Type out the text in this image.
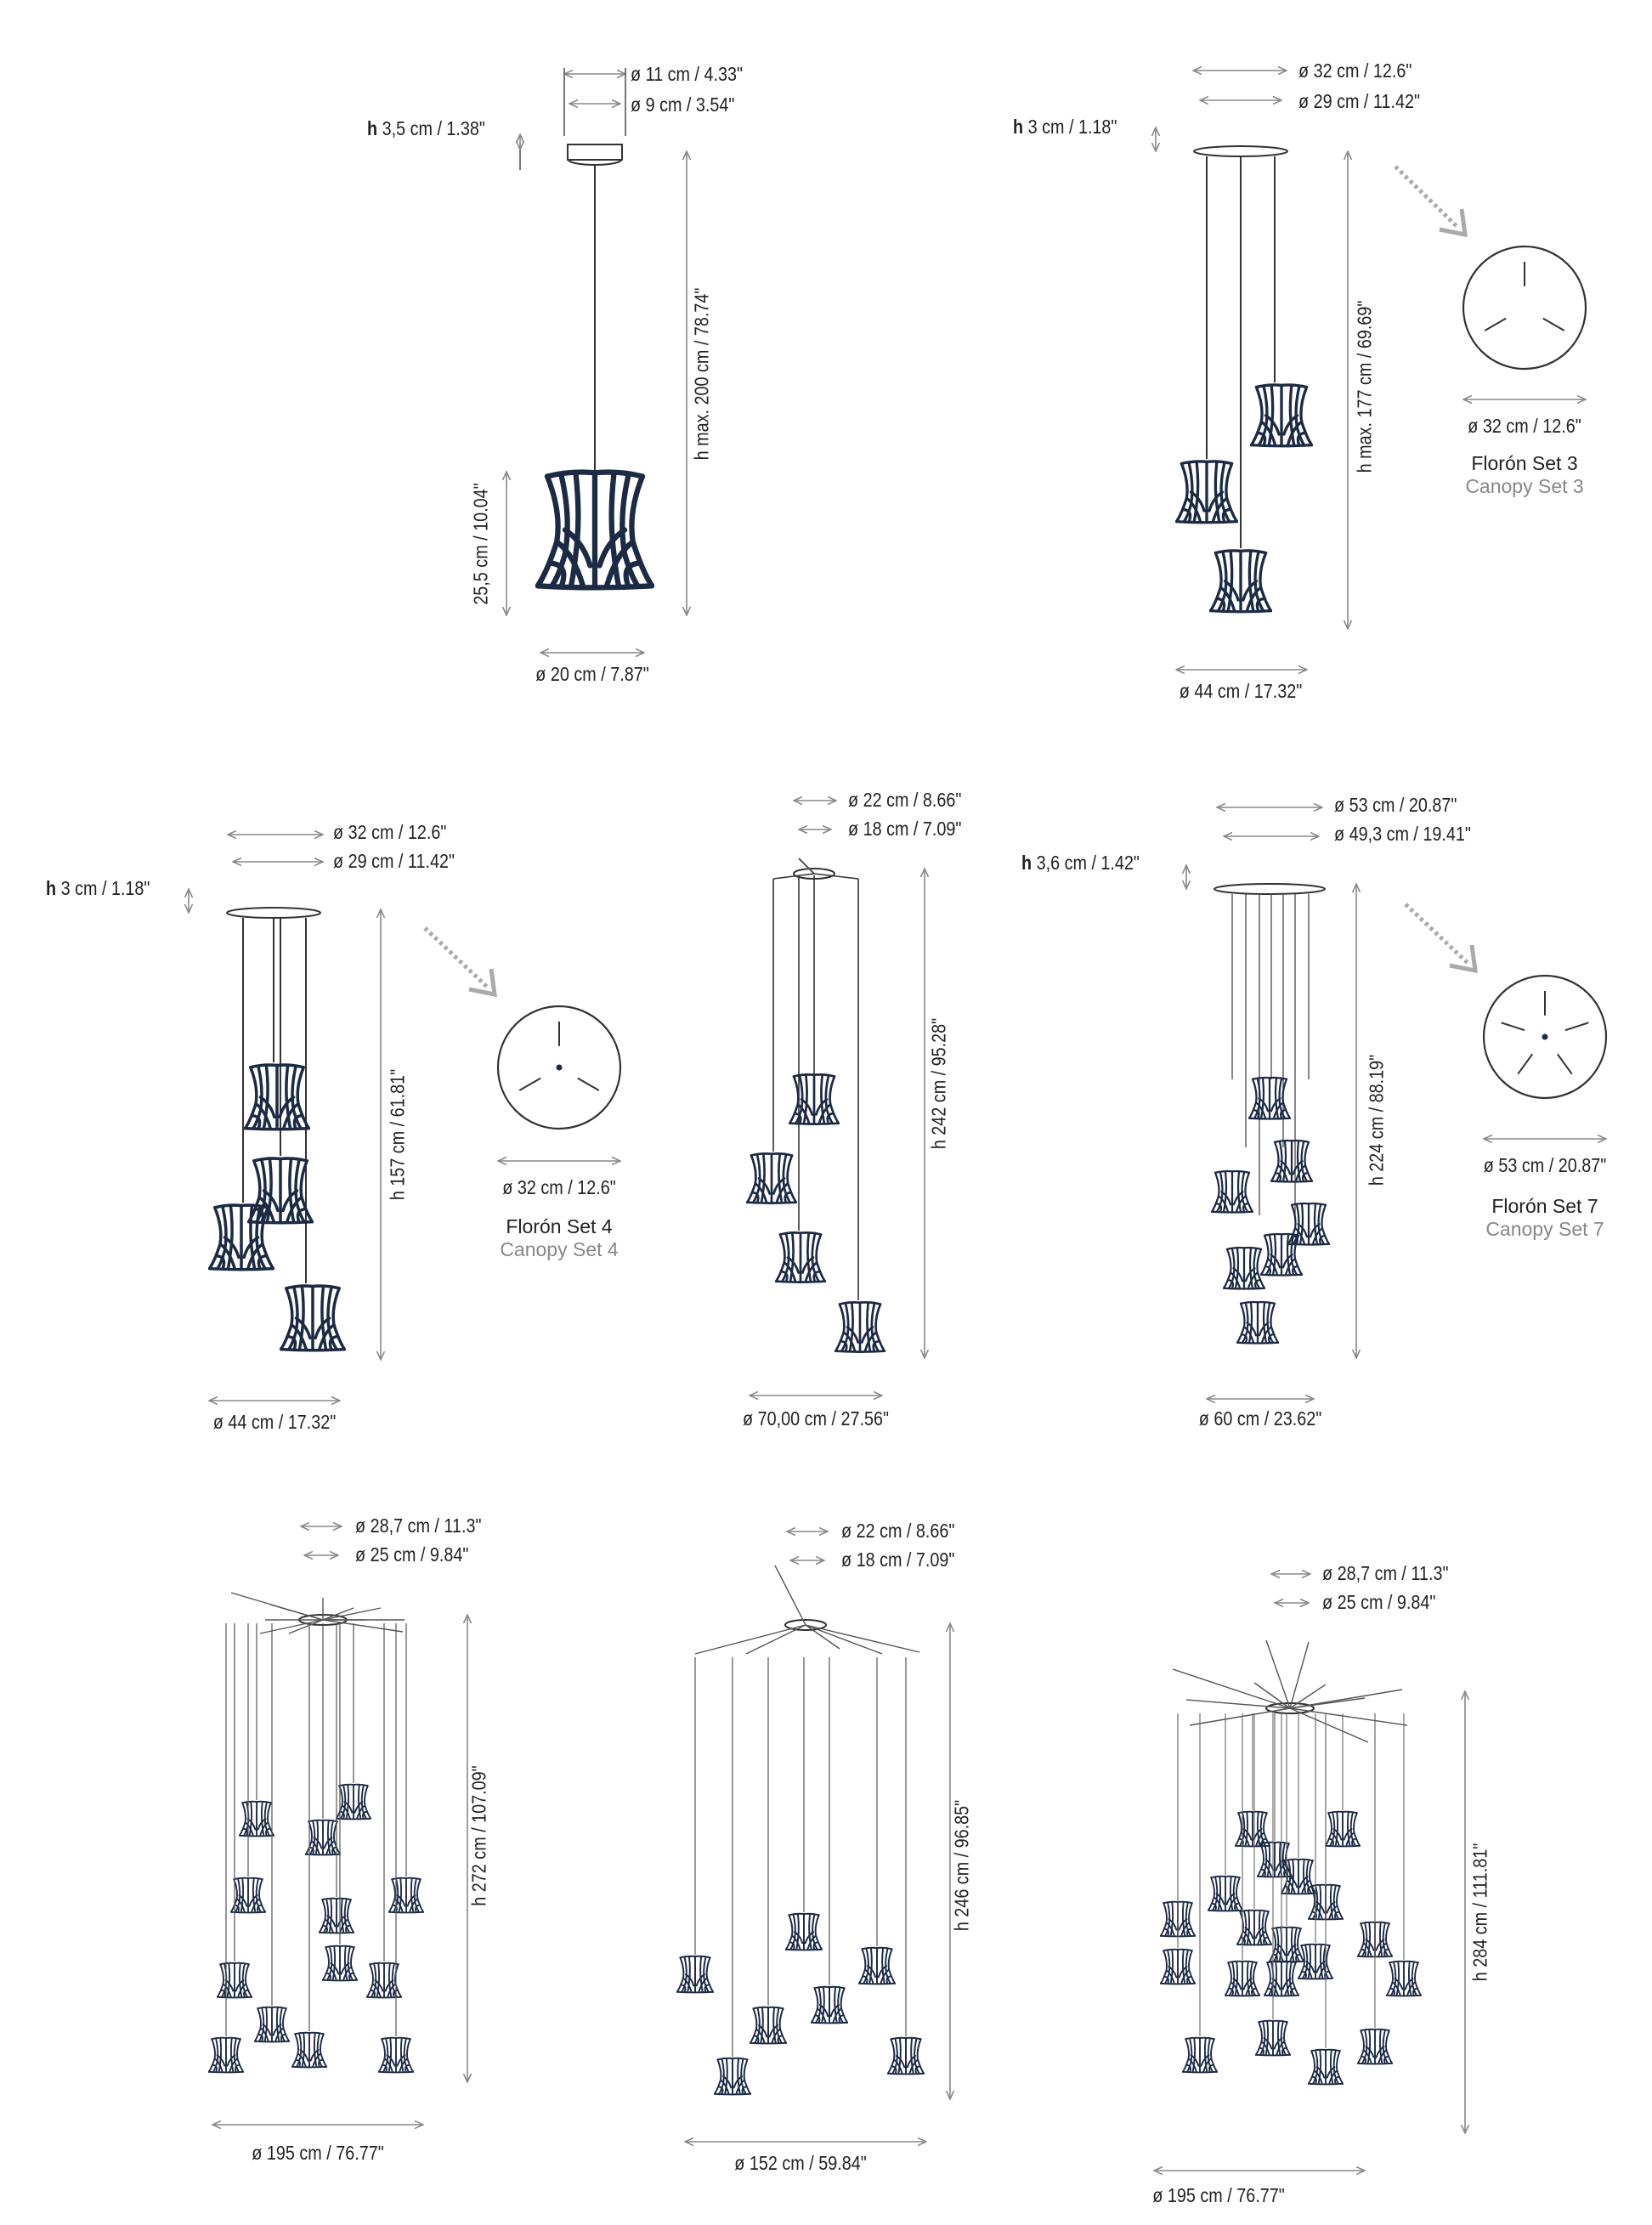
ø 11 cm / 4.33"
ø 9 cm / 3.54"
h 3,5 cm / 1.38"
h max. 200 cm / 78.74"
25,5 cm / 10.04"
ø 20 cm / 7.87"
ø 32 cm / 12.6"
ø 29 cm / 11.42"
h 3 cm / 1.18"
h max. 177 cm / 69.69"
ø 44 cm / 17.32"
ø 32 cm / 12.6"
Florón Set 3
Canopy Set 3
ø 32 cm / 12.6"
ø 29 cm / 11.42"
h 3 cm / 1.18"
h 157 cm / 61.81"
ø 44 cm / 17.32"
ø 32 cm / 12.6"
Florón Set 4
Canopy Set 4
ø 22 cm / 8.66"
ø 18 cm / 7.09"
h 242 cm / 95.28"
ø 70,00 cm / 27.56"
ø 53 cm / 20.87"
ø 49,3 cm / 19.41"
h 3,6 cm / 1.42"
h 224 cm / 88.19"
ø 60 cm / 23.62"
ø 53 cm / 20.87"
Florón Set 7
Canopy Set 7
ø 28,7 cm / 11.3"
ø 25 cm / 9.84"
h 272 cm / 107.09"
ø 195 cm / 76.77"
ø 22 cm / 8.66"
ø 18 cm / 7.09"
h 246 cm / 96.85"
ø 152 cm / 59.84"
ø 28,7 cm / 11.3"
ø 25 cm / 9.84"
h 284 cm / 111.81"
ø 195 cm / 76.77"
